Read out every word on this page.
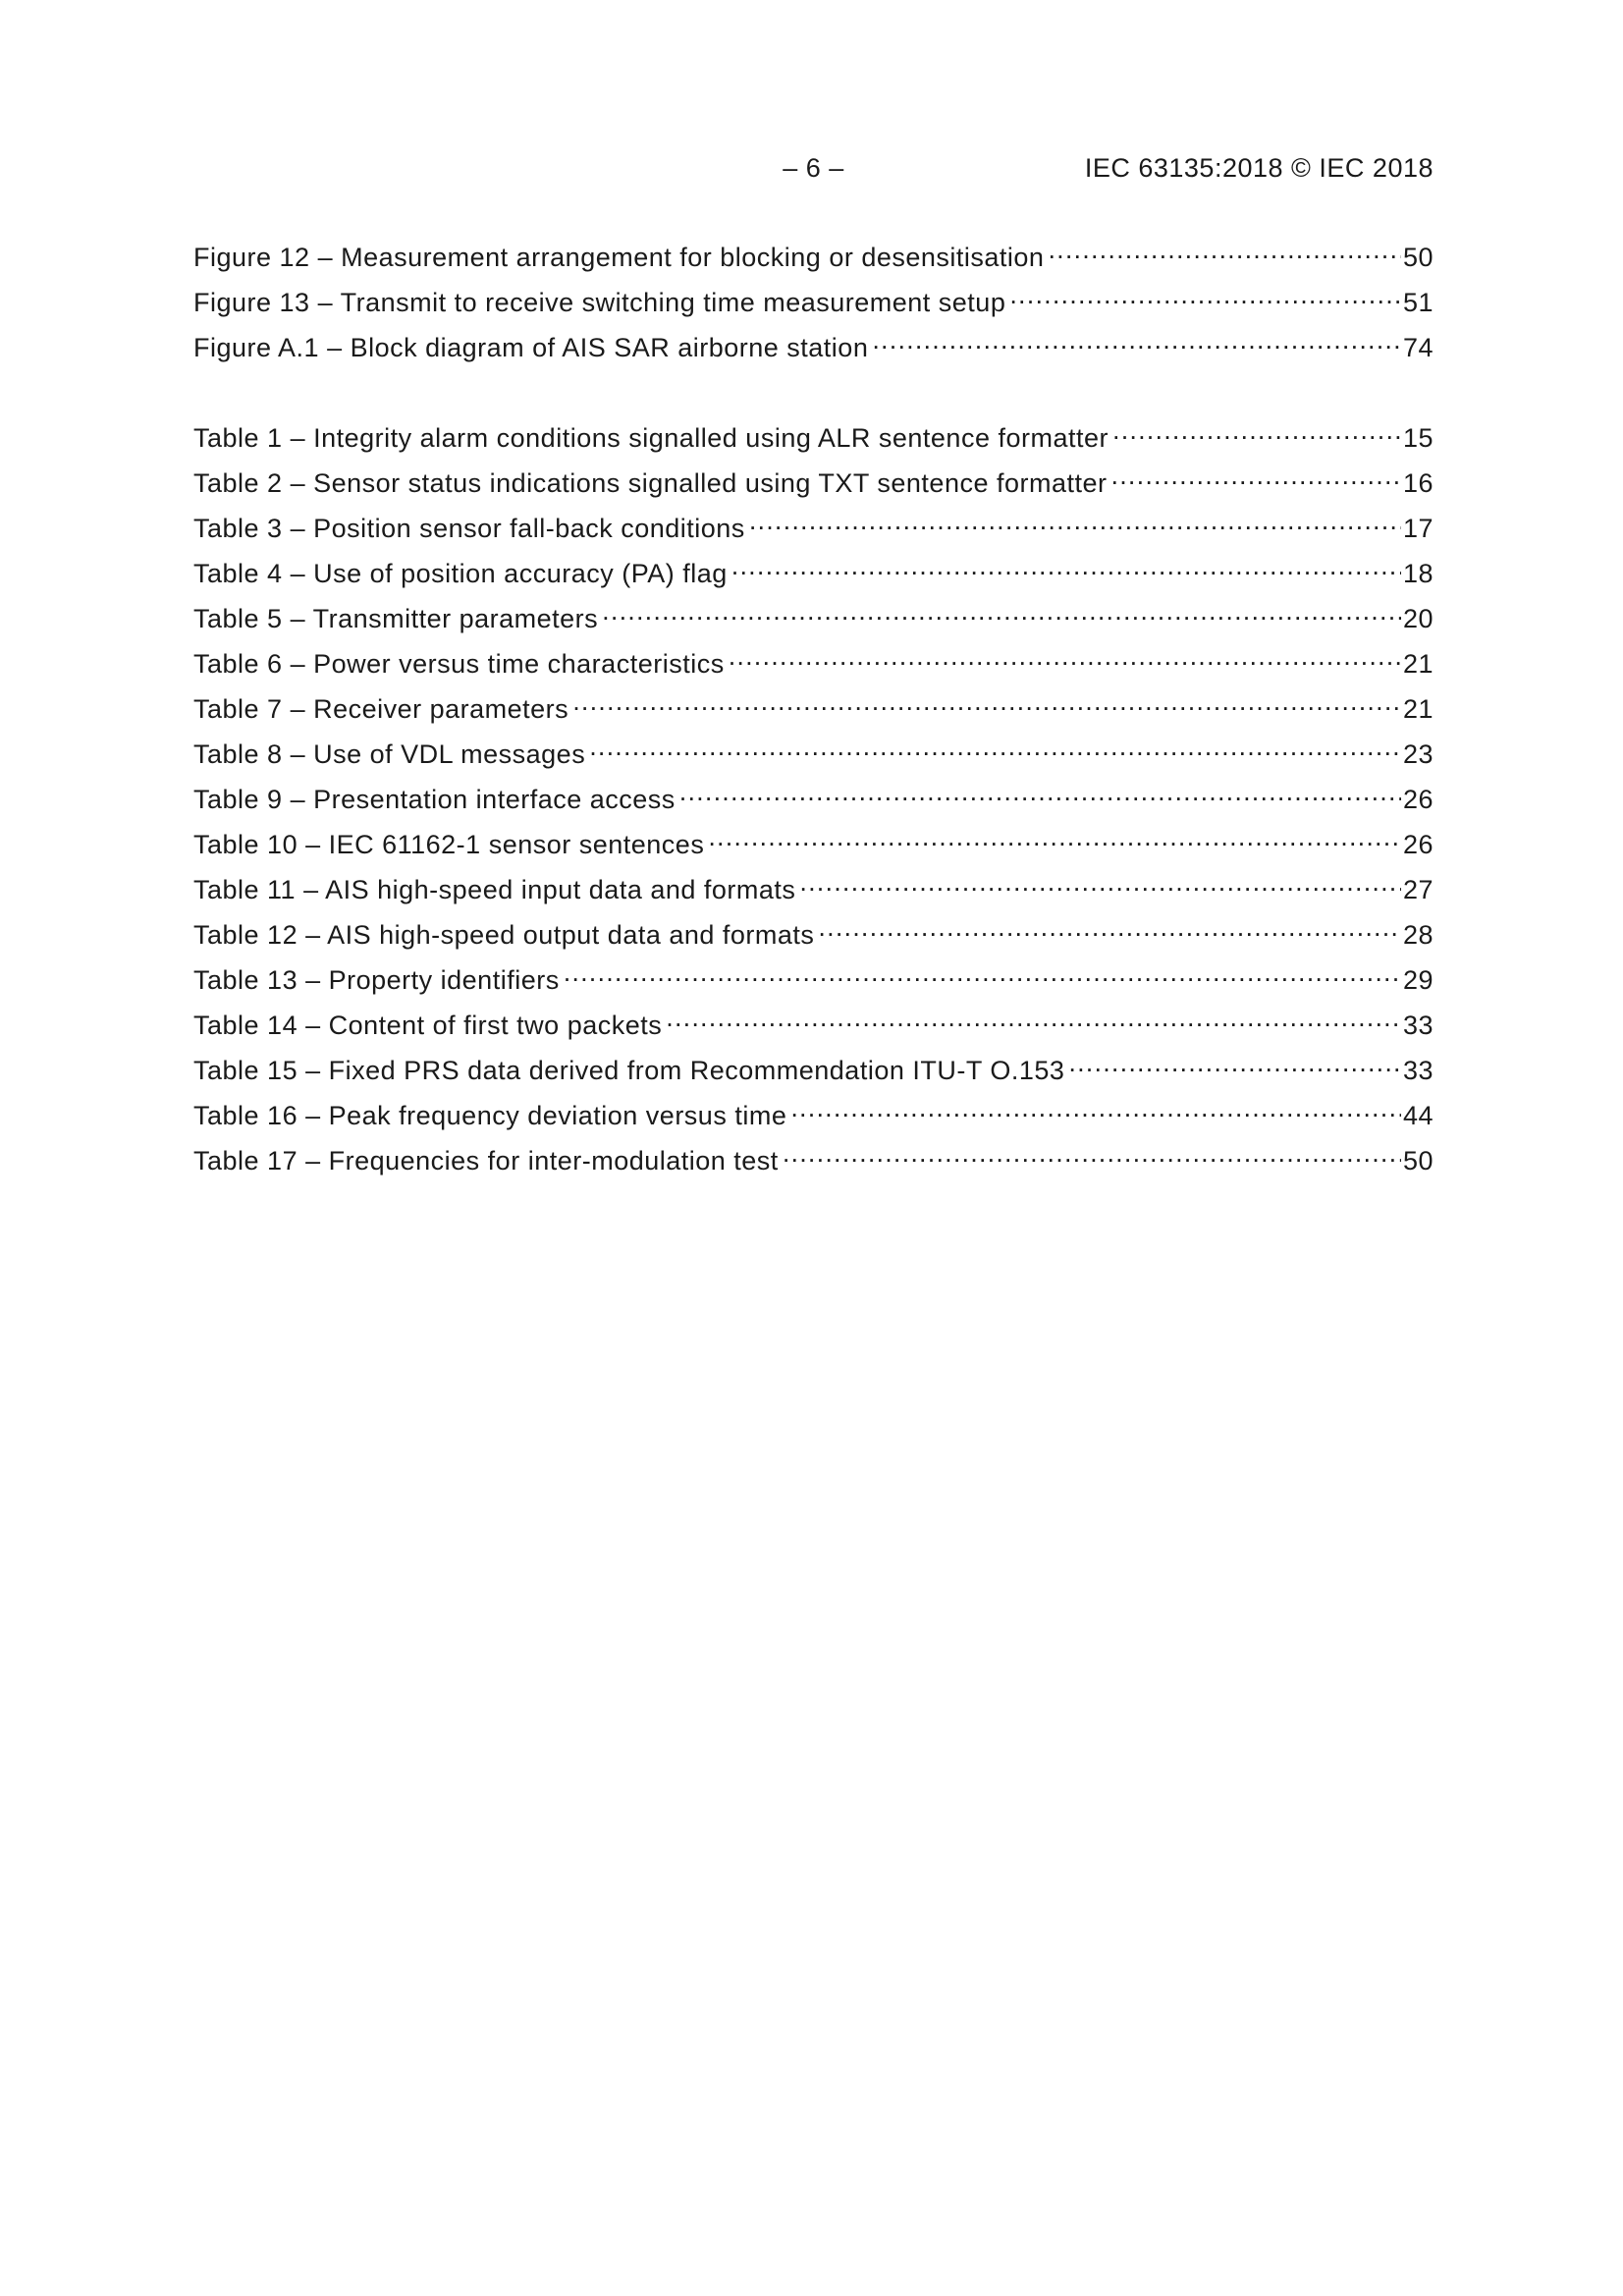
– 6 –	IEC 63135:2018 © IEC 2018
Figure 12 – Measurement arrangement for blocking or desensitisation .....	50
Figure 13 – Transmit to receive switching time measurement setup .....	51
Figure A.1 – Block diagram of AIS SAR airborne station .....	74
Table 1 – Integrity alarm conditions signalled using ALR sentence formatter .....	15
Table 2 – Sensor status indications signalled using TXT sentence formatter .....	16
Table 3 – Position sensor fall-back conditions .....	17
Table 4 – Use of position accuracy (PA) flag .....	18
Table 5 – Transmitter parameters .....	20
Table 6 – Power versus time characteristics .....	21
Table 7 – Receiver parameters .....	21
Table 8 – Use of VDL messages .....	23
Table 9 – Presentation interface access .....	26
Table 10 – IEC 61162-1 sensor sentences .....	26
Table 11 – AIS high-speed input data and formats .....	27
Table 12 – AIS high-speed output data and formats .....	28
Table 13 – Property identifiers .....	29
Table 14 – Content of first two packets .....	33
Table 15 – Fixed PRS data derived from Recommendation ITU-T O.153 .....	33
Table 16 – Peak frequency deviation versus time .....	44
Table 17 – Frequencies for inter-modulation test .....	50
